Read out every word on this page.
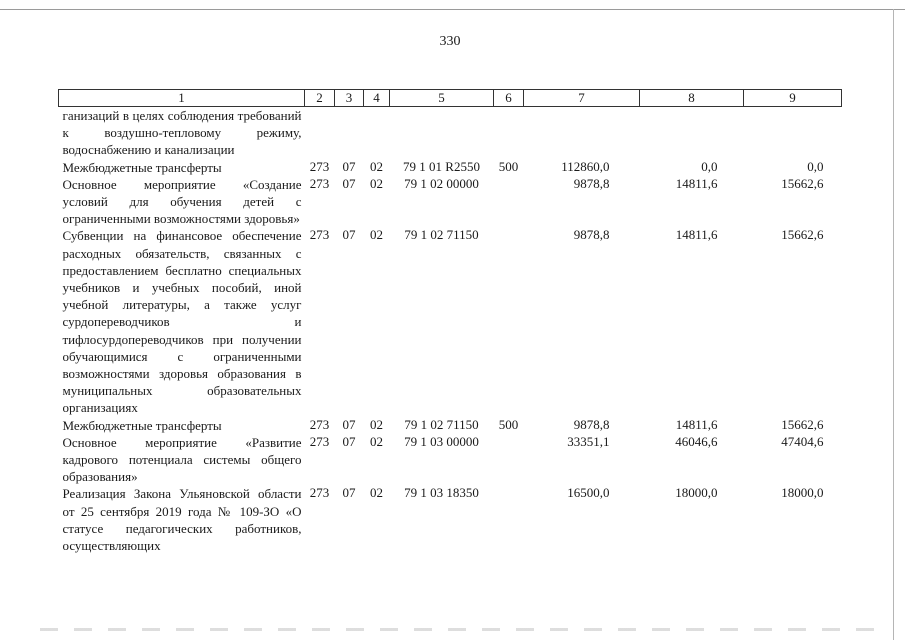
330
1	2	3	4	5	6	7	8	9
ганизаций в целях соблюдения требований к воздушно-тепловому режиму, водоснабжению и канализации								
Межбюджетные трансферты	273	07	02	79 1 01 R2550	500	112860,0	0,0	0,0
Основное мероприятие «Создание условий для обучения детей с ограниченными возможностями здоровья»	273	07	02	79 1 02 00000		9878,8	14811,6	15662,6
Субвенции на финансовое обеспечение расходных обязательств, связанных с предоставлением бесплатно специальных учебников и учебных пособий, иной учебной литературы, а также услуг сурдопереводчиков и тифлосурдопереводчиков при получении обучающимися с ограниченными возможностями здоровья образования в муниципальных образовательных организациях	273	07	02	79 1 02 71150		9878,8	14811,6	15662,6
Межбюджетные трансферты	273	07	02	79 1 02 71150	500	9878,8	14811,6	15662,6
Основное мероприятие «Развитие кадрового потенциала системы общего образования»	273	07	02	79 1 03 00000		33351,1	46046,6	47404,6
Реализация Закона Ульяновской области от 25 сентября 2019 года № 109-ЗО «О статусе педагогических работников, осуществляющих	273	07	02	79 1 03 18350		16500,0	18000,0	18000,0
